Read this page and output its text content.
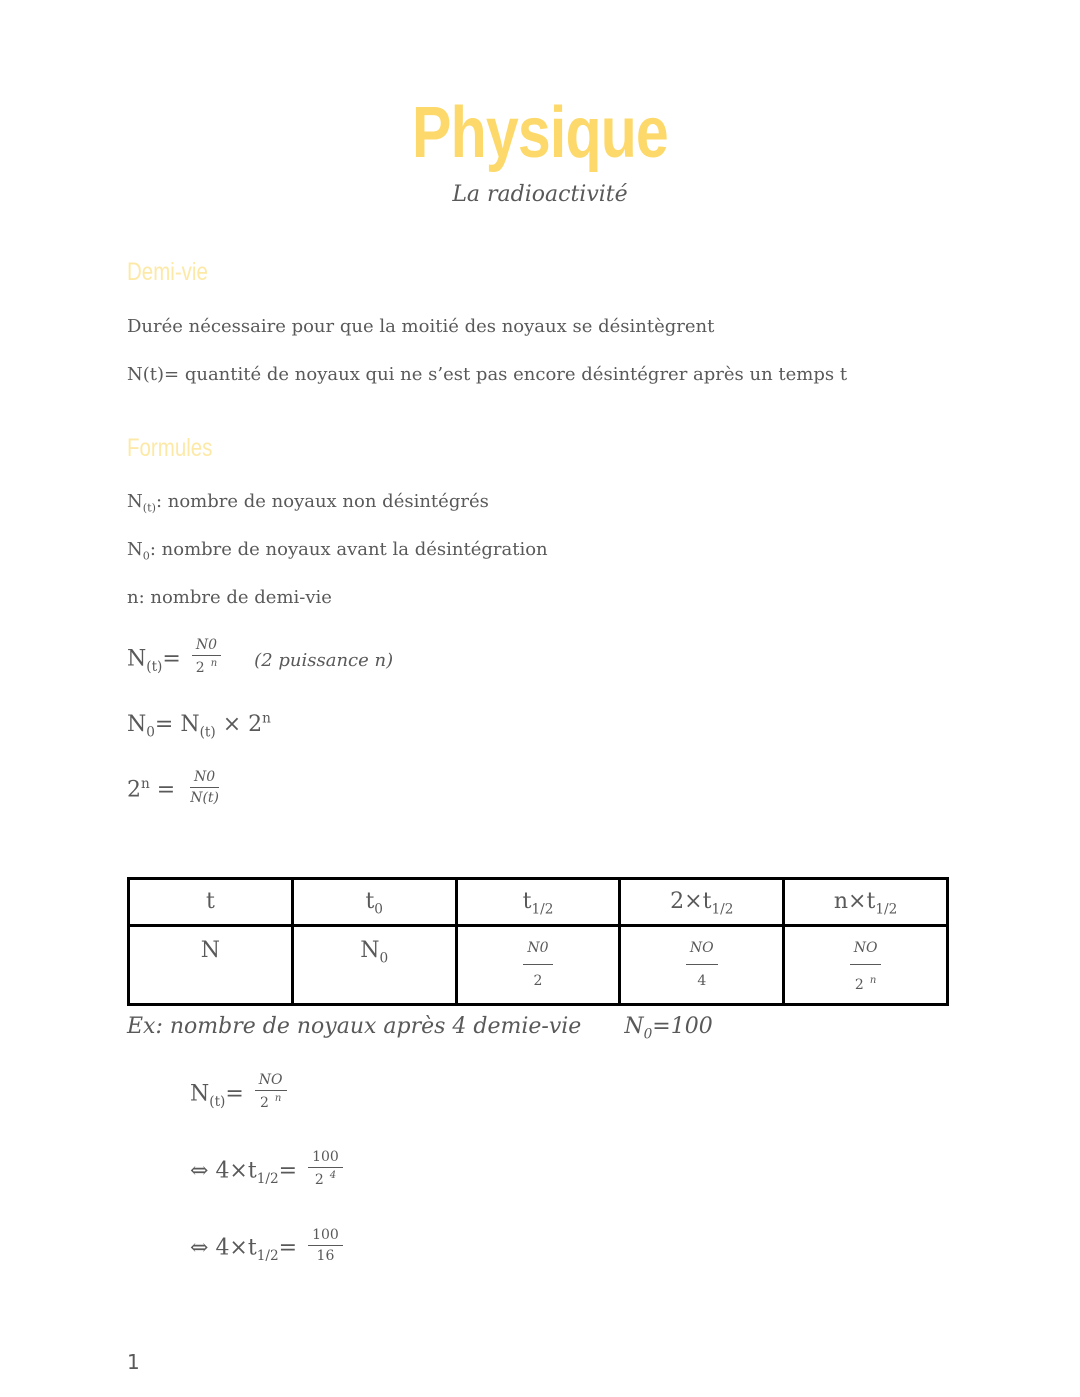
Physique
La radioactivité
Demi-vie
Durée nécessaire pour que la moitié des noyaux se désintègrent
N(t)= quantité de noyaux qui ne s’est pas encore désintégrer après un temps t
Formules
$N_{(t)}$: nombre de noyaux non désintégrés
$N_0$: nombre de noyaux avant la désintégration
n: nombre de demi-vie
$N_{(t)}= \frac{N0}{2 ^n} (2$ puissance n)
$N_0= N_{(t)} \times 2^n$
$2^n = \frac{N0}{N(t)}$
t	$t_0$	$t_{1/2}$	$2\times t_{1/2}$	$n\times t_{1/2}$
N	$N_0$	$\frac{N0}{2}$	$\frac{NO}{4}$	$\frac{NO}{2 ^n}$
Ex: nombre de noyaux après 4 demie-vie $N_0=100$
$N_{(t)}= \frac{NO}{2 ^n}$
⇔ $4\times t_{1/2}= \frac{100}{2 ^4}$
⇔ $4\times t_{1/2}= \frac{100}{16}$
1
